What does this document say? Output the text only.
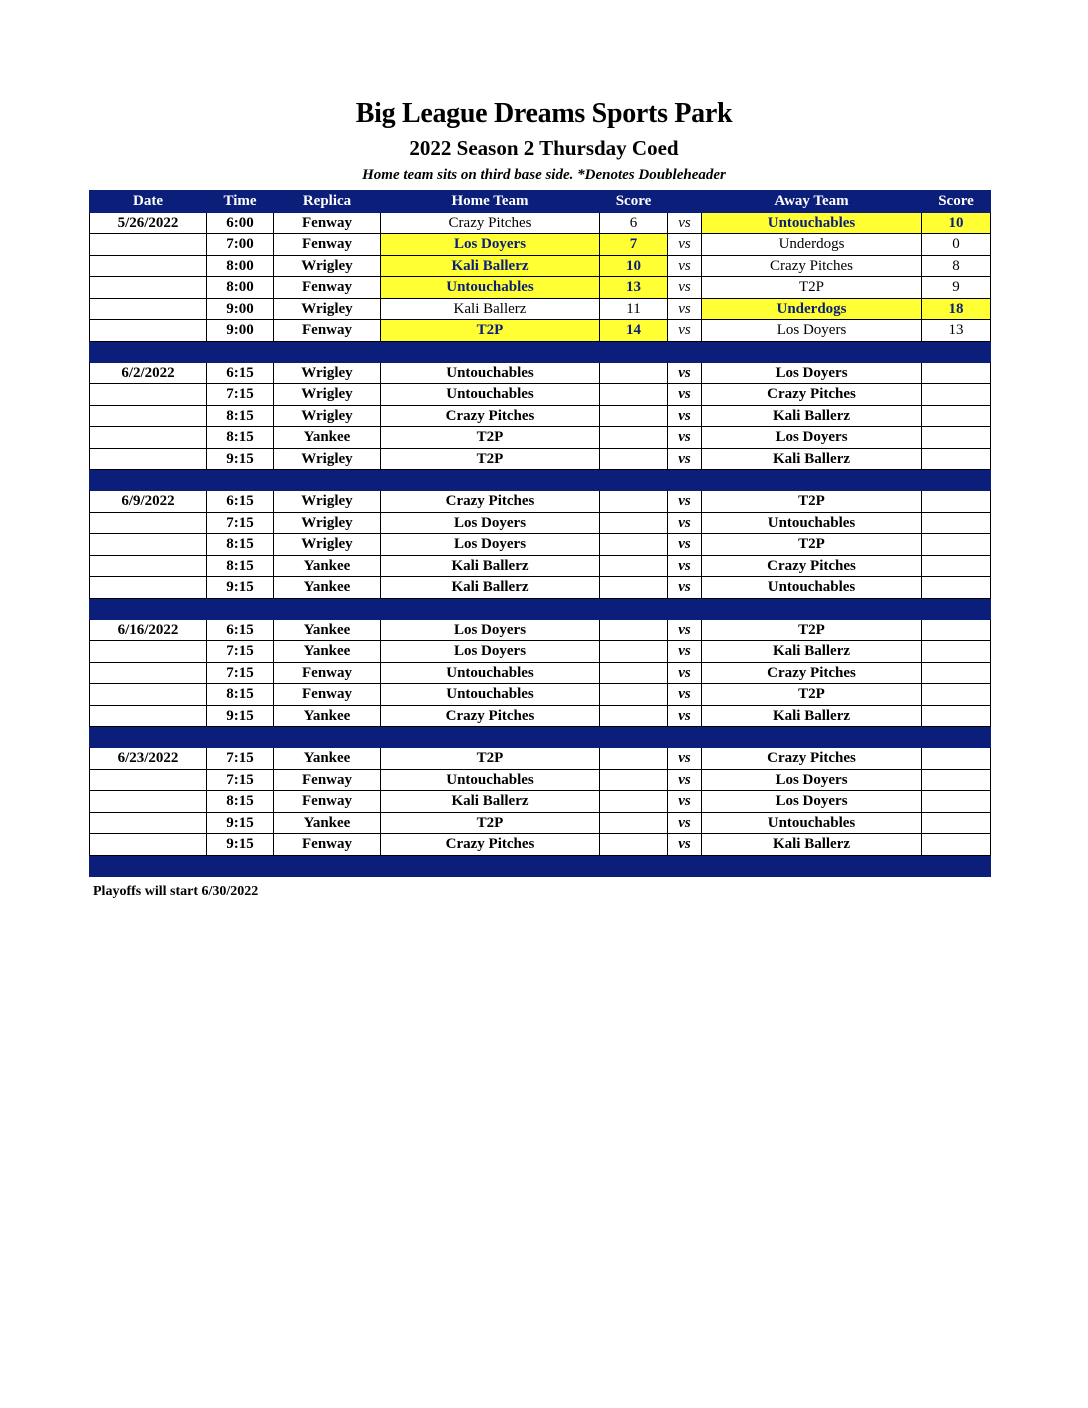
Big League Dreams Sports Park
2022 Season 2 Thursday Coed
Home team sits on third base side. *Denotes Doubleheader
Date	Time	Replica	Home Team	Score		Away Team	Score
5/26/2022	6:00	Fenway	Crazy Pitches	6	vs	Untouchables	10
	7:00	Fenway	Los Doyers	7	vs	Underdogs	0
	8:00	Wrigley	Kali Ballerz	10	vs	Crazy Pitches	8
	8:00	Fenway	Untouchables	13	vs	T2P	9
	9:00	Wrigley	Kali Ballerz	11	vs	Underdogs	18
	9:00	Fenway	T2P	14	vs	Los Doyers	13

6/2/2022	6:15	Wrigley	Untouchables		vs	Los Doyers	
	7:15	Wrigley	Untouchables		vs	Crazy Pitches	
	8:15	Wrigley	Crazy Pitches		vs	Kali Ballerz	
	8:15	Yankee	T2P		vs	Los Doyers	
	9:15	Wrigley	T2P		vs	Kali Ballerz	

6/9/2022	6:15	Wrigley	Crazy Pitches		vs	T2P	
	7:15	Wrigley	Los Doyers		vs	Untouchables	
	8:15	Wrigley	Los Doyers		vs	T2P	
	8:15	Yankee	Kali Ballerz		vs	Crazy Pitches	
	9:15	Yankee	Kali Ballerz		vs	Untouchables	

6/16/2022	6:15	Yankee	Los Doyers		vs	T2P	
	7:15	Yankee	Los Doyers		vs	Kali Ballerz	
	7:15	Fenway	Untouchables		vs	Crazy Pitches	
	8:15	Fenway	Untouchables		vs	T2P	
	9:15	Yankee	Crazy Pitches		vs	Kali Ballerz	

6/23/2022	7:15	Yankee	T2P		vs	Crazy Pitches	
	7:15	Fenway	Untouchables		vs	Los Doyers	
	8:15	Fenway	Kali Ballerz		vs	Los Doyers	
	9:15	Yankee	T2P		vs	Untouchables	
	9:15	Fenway	Crazy Pitches		vs	Kali Ballerz	

Playoffs will start 6/30/2022
